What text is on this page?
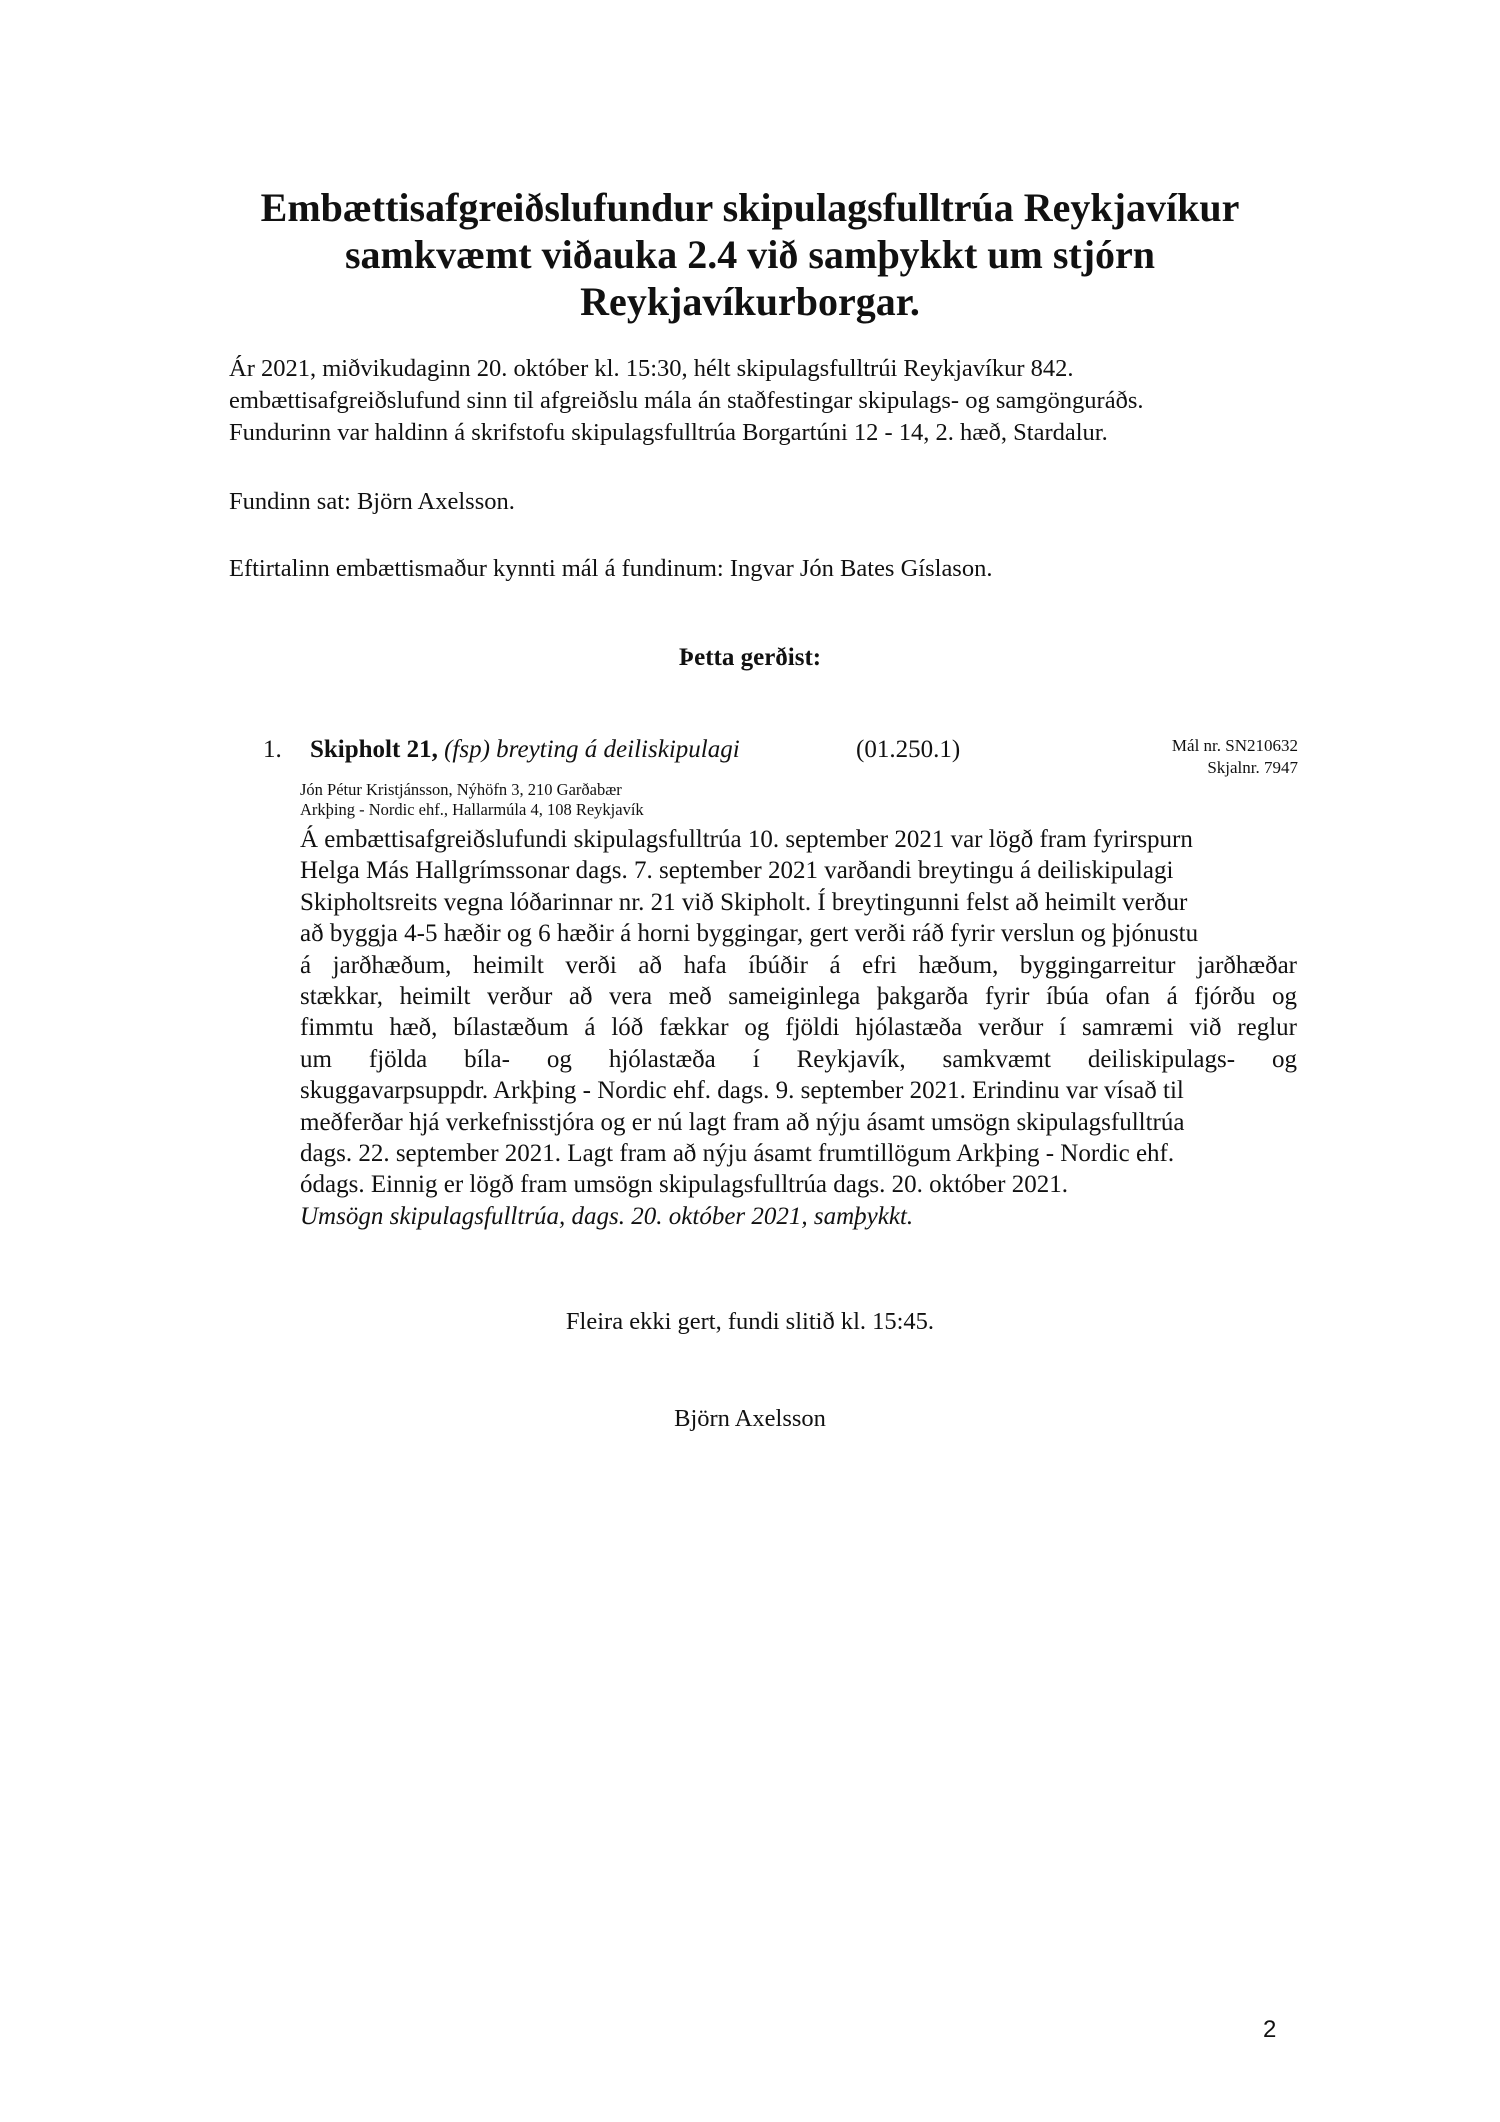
Embættisafgreiðslufundur skipulagsfulltrúa Reykjavíkur
samkvæmt viðauka 2.4 við samþykkt um stjórn
Reykjavíkurborgar.

Ár 2021, miðvikudaginn 20. október kl. 15:30, hélt skipulagsfulltrúi Reykjavíkur 842.
embættisafgreiðslufund sinn til afgreiðslu mála án staðfestingar skipulags- og samgönguráðs.
Fundurinn var haldinn á skrifstofu skipulagsfulltrúa Borgartúni 12 - 14, 2. hæð, Stardalur.

Fundinn sat: Björn Axelsson.

Eftirtalinn embættismaður kynnti mál á fundinum: Ingvar Jón Bates Gíslason.

Þetta gerðist:
1. Skipholt 21, (fsp) breyting á deiliskipulagi	(01.250.1)	Mál nr. SN210632
Skjalnr. 7947
Jón Pétur Kristjánsson, Nýhöfn 3, 210 Garðabær
Arkþing - Nordic ehf., Hallarmúla 4, 108 Reykjavík
Á embættisafgreiðslufundi skipulagsfulltrúa 10. september 2021 var lögð fram fyrirspurn
Helga Más Hallgrímssonar dags. 7. september 2021 varðandi breytingu á deiliskipulagi
Skipholtsreits vegna lóðarinnar nr. 21 við Skipholt. Í breytingunni felst að heimilt verður
að byggja 4-5 hæðir og 6 hæðir á horni byggingar, gert verði ráð fyrir verslun og þjónustu
á jarðhæðum, heimilt verði að hafa íbúðir á efri hæðum, byggingarreitur jarðhæðar
stækkar, heimilt verður að vera með sameiginlega þakgarða fyrir íbúa ofan á fjórðu og
fimmtu hæð, bílastæðum á lóð fækkar og fjöldi hjólastæða verður í samræmi við reglur
um fjölda bíla- og hjólastæða í Reykjavík, samkvæmt deiliskipulags- og
skuggavarpsuppdr. Arkþing - Nordic ehf. dags. 9. september 2021. Erindinu var vísað til
meðferðar hjá verkefnisstjóra og er nú lagt fram að nýju ásamt umsögn skipulagsfulltrúa
dags. 22. september 2021. Lagt fram að nýju ásamt frumtillögum Arkþing - Nordic ehf.
ódags. Einnig er lögð fram umsögn skipulagsfulltrúa dags. 20. október 2021.
Umsögn skipulagsfulltrúa, dags. 20. október 2021, samþykkt.

Fleira ekki gert, fundi slitið kl. 15:45.

Björn Axelsson

2
